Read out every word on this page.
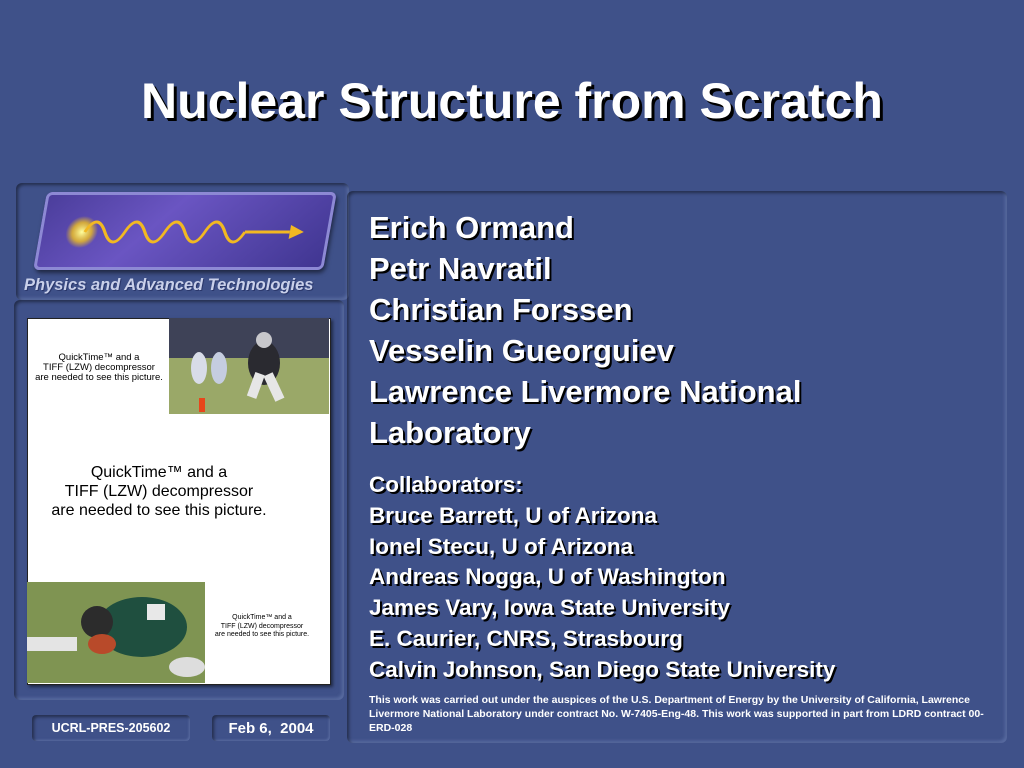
Nuclear Structure from Scratch
Physics and Advanced Technologies
QuickTime™ and a
TIFF (LZW) decompressor
are needed to see this picture.
QuickTime™ and a
TIFF (LZW) decompressor
are needed to see this picture.
QuickTime™ and a
TIFF (LZW) decompressor
are needed to see this picture.
Erich Ormand
Petr Navratil
Christian Forssen
Vesselin Gueorguiev
Lawrence Livermore National
Laboratory
Collaborators:
Bruce Barrett, U of Arizona
Ionel Stecu, U of Arizona
Andreas Nogga, U of Washington
James Vary, Iowa State University
E. Caurier, CNRS, Strasbourg
Calvin Johnson, San Diego State University
This work was carried out under the auspices of the U.S. Department of Energy by the University of California, Lawrence Livermore National Laboratory under contract No. W-7405-Eng-48. This work was supported in part from LDRD contract 00-ERD-028
UCRL-PRES-205602	Feb 6,  2004
